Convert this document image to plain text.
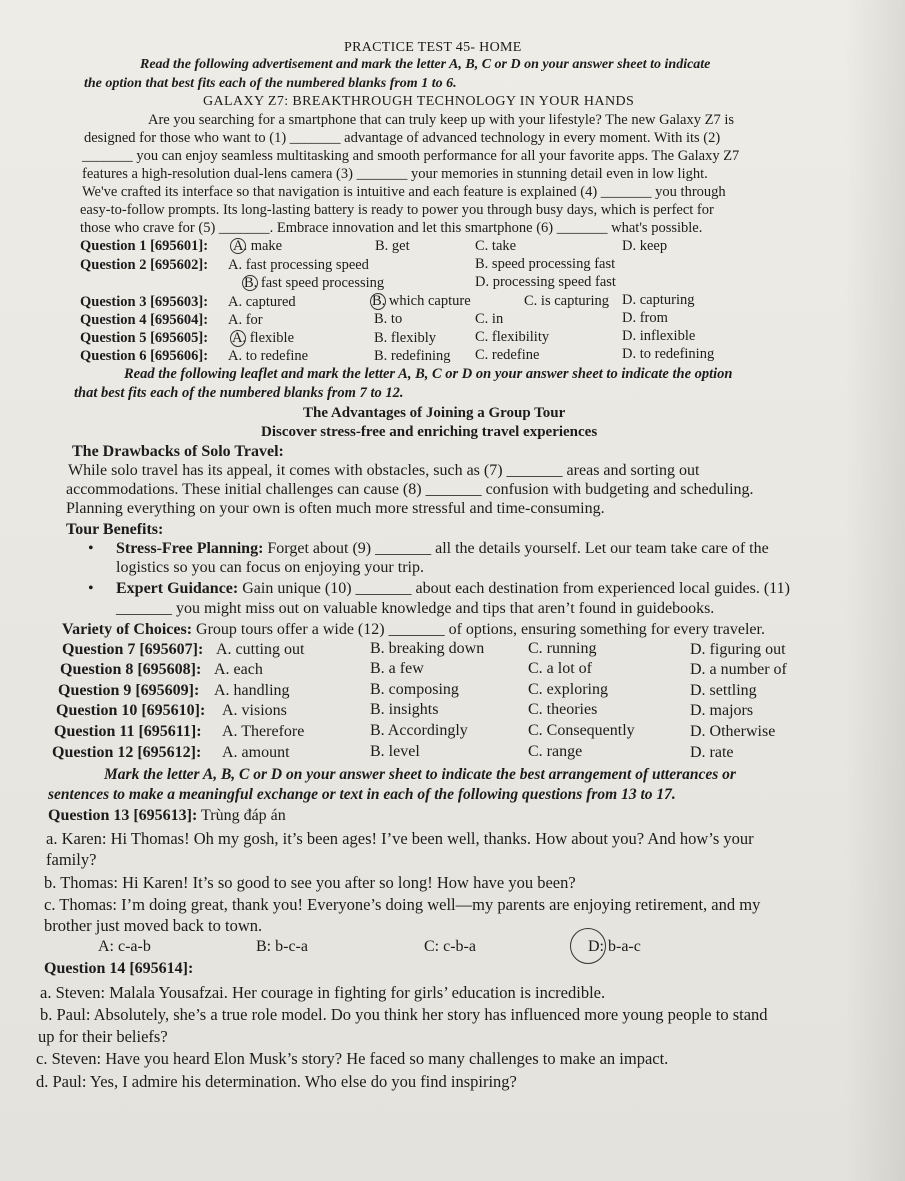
PRACTICE TEST 45- HOME
Read the following advertisement and mark the letter A, B, C or D on your answer sheet to indicate
the option that best fits each of the numbered blanks from 1 to 6.
GALAXY Z7: BREAKTHROUGH TECHNOLOGY IN YOUR HANDS
Are you searching for a smartphone that can truly keep up with your lifestyle? The new Galaxy Z7 is
designed for those who want to (1) _______ advantage of advanced technology in every moment. With its (2)
_______ you can enjoy seamless multitasking and smooth performance for all your favorite apps. The Galaxy Z7
features a high-resolution dual-lens camera (3) _______ your memories in stunning detail even in low light.
We've crafted its interface so that navigation is intuitive and each feature is explained (4) _______ you through
easy-to-follow prompts. Its long-lasting battery is ready to power you through busy days, which is perfect for
those who crave for (5) _______. Embrace innovation and let this smartphone (6) _______ what's possible.
Question 1 [695601]: A. make	B. get	C. take	D. keep
Question 2 [695602]: A. fast processing speed	B. speed processing fast
B. fast speed processing	D. processing speed fast
Question 3 [695603]: A. captured	B. which capture	C. is capturing D. capturing
Question 4 [695604]: A. for	B. to	C. in	D. from
Question 5 [695605]: A. flexible	B. flexibly	C. flexibility	D. inflexible
Question 6 [695606]: A. to redefine	B. redefining C. redefine	D. to redefining
Read the following leaflet and mark the letter A, B, C or D on your answer sheet to indicate the option
that best fits each of the numbered blanks from 7 to 12.
The Advantages of Joining a Group Tour
Discover stress-free and enriching travel experiences
The Drawbacks of Solo Travel:
While solo travel has its appeal, it comes with obstacles, such as (7) _______ areas and sorting out
accommodations. These initial challenges can cause (8) _______ confusion with budgeting and scheduling.
Planning everything on your own is often much more stressful and time-consuming.
Tour Benefits:
• Stress-Free Planning: Forget about (9) _______ all the details yourself. Let our team take care of the
logistics so you can focus on enjoying your trip.
• Expert Guidance: Gain unique (10) _______ about each destination from experienced local guides. (11)
_______ you might miss out on valuable knowledge and tips that aren’t found in guidebooks.
Variety of Choices: Group tours offer a wide (12) _______ of options, ensuring something for every traveler.
Question 7 [695607]: A. cutting out	B. breaking down	C. running	D. figuring out
Question 8 [695608]: A. each	B. a few	C. a lot of	D. a number of
Question 9 [695609]: A. handling	B. composing	C. exploring	D. settling
Question 10 [695610]: A. visions	B. insights	C. theories	D. majors
Question 11 [695611]: A. Therefore	B. Accordingly	C. Consequently	D. Otherwise
Question 12 [695612]: A. amount	B. level	C. range	D. rate
Mark the letter A, B, C or D on your answer sheet to indicate the best arrangement of utterances or
sentences to make a meaningful exchange or text in each of the following questions from 13 to 17.
Question 13 [695613]: Trùng đáp án
a. Karen: Hi Thomas! Oh my gosh, it’s been ages! I’ve been well, thanks. How about you? And how’s your
family?
b. Thomas: Hi Karen! It’s so good to see you after so long! How have you been?
c. Thomas: I’m doing great, thank you! Everyone’s doing well—my parents are enjoying retirement, and my
brother just moved back to town.
A: c-a-b	B: b-c-a	C: c-b-a	D: b-a-c
Question 14 [695614]:
a. Steven: Malala Yousafzai. Her courage in fighting for girls’ education is incredible.
b. Paul: Absolutely, she’s a true role model. Do you think her story has influenced more young people to stand
up for their beliefs?
c. Steven: Have you heard Elon Musk’s story? He faced so many challenges to make an impact.
d. Paul: Yes, I admire his determination. Who else do you find inspiring?
